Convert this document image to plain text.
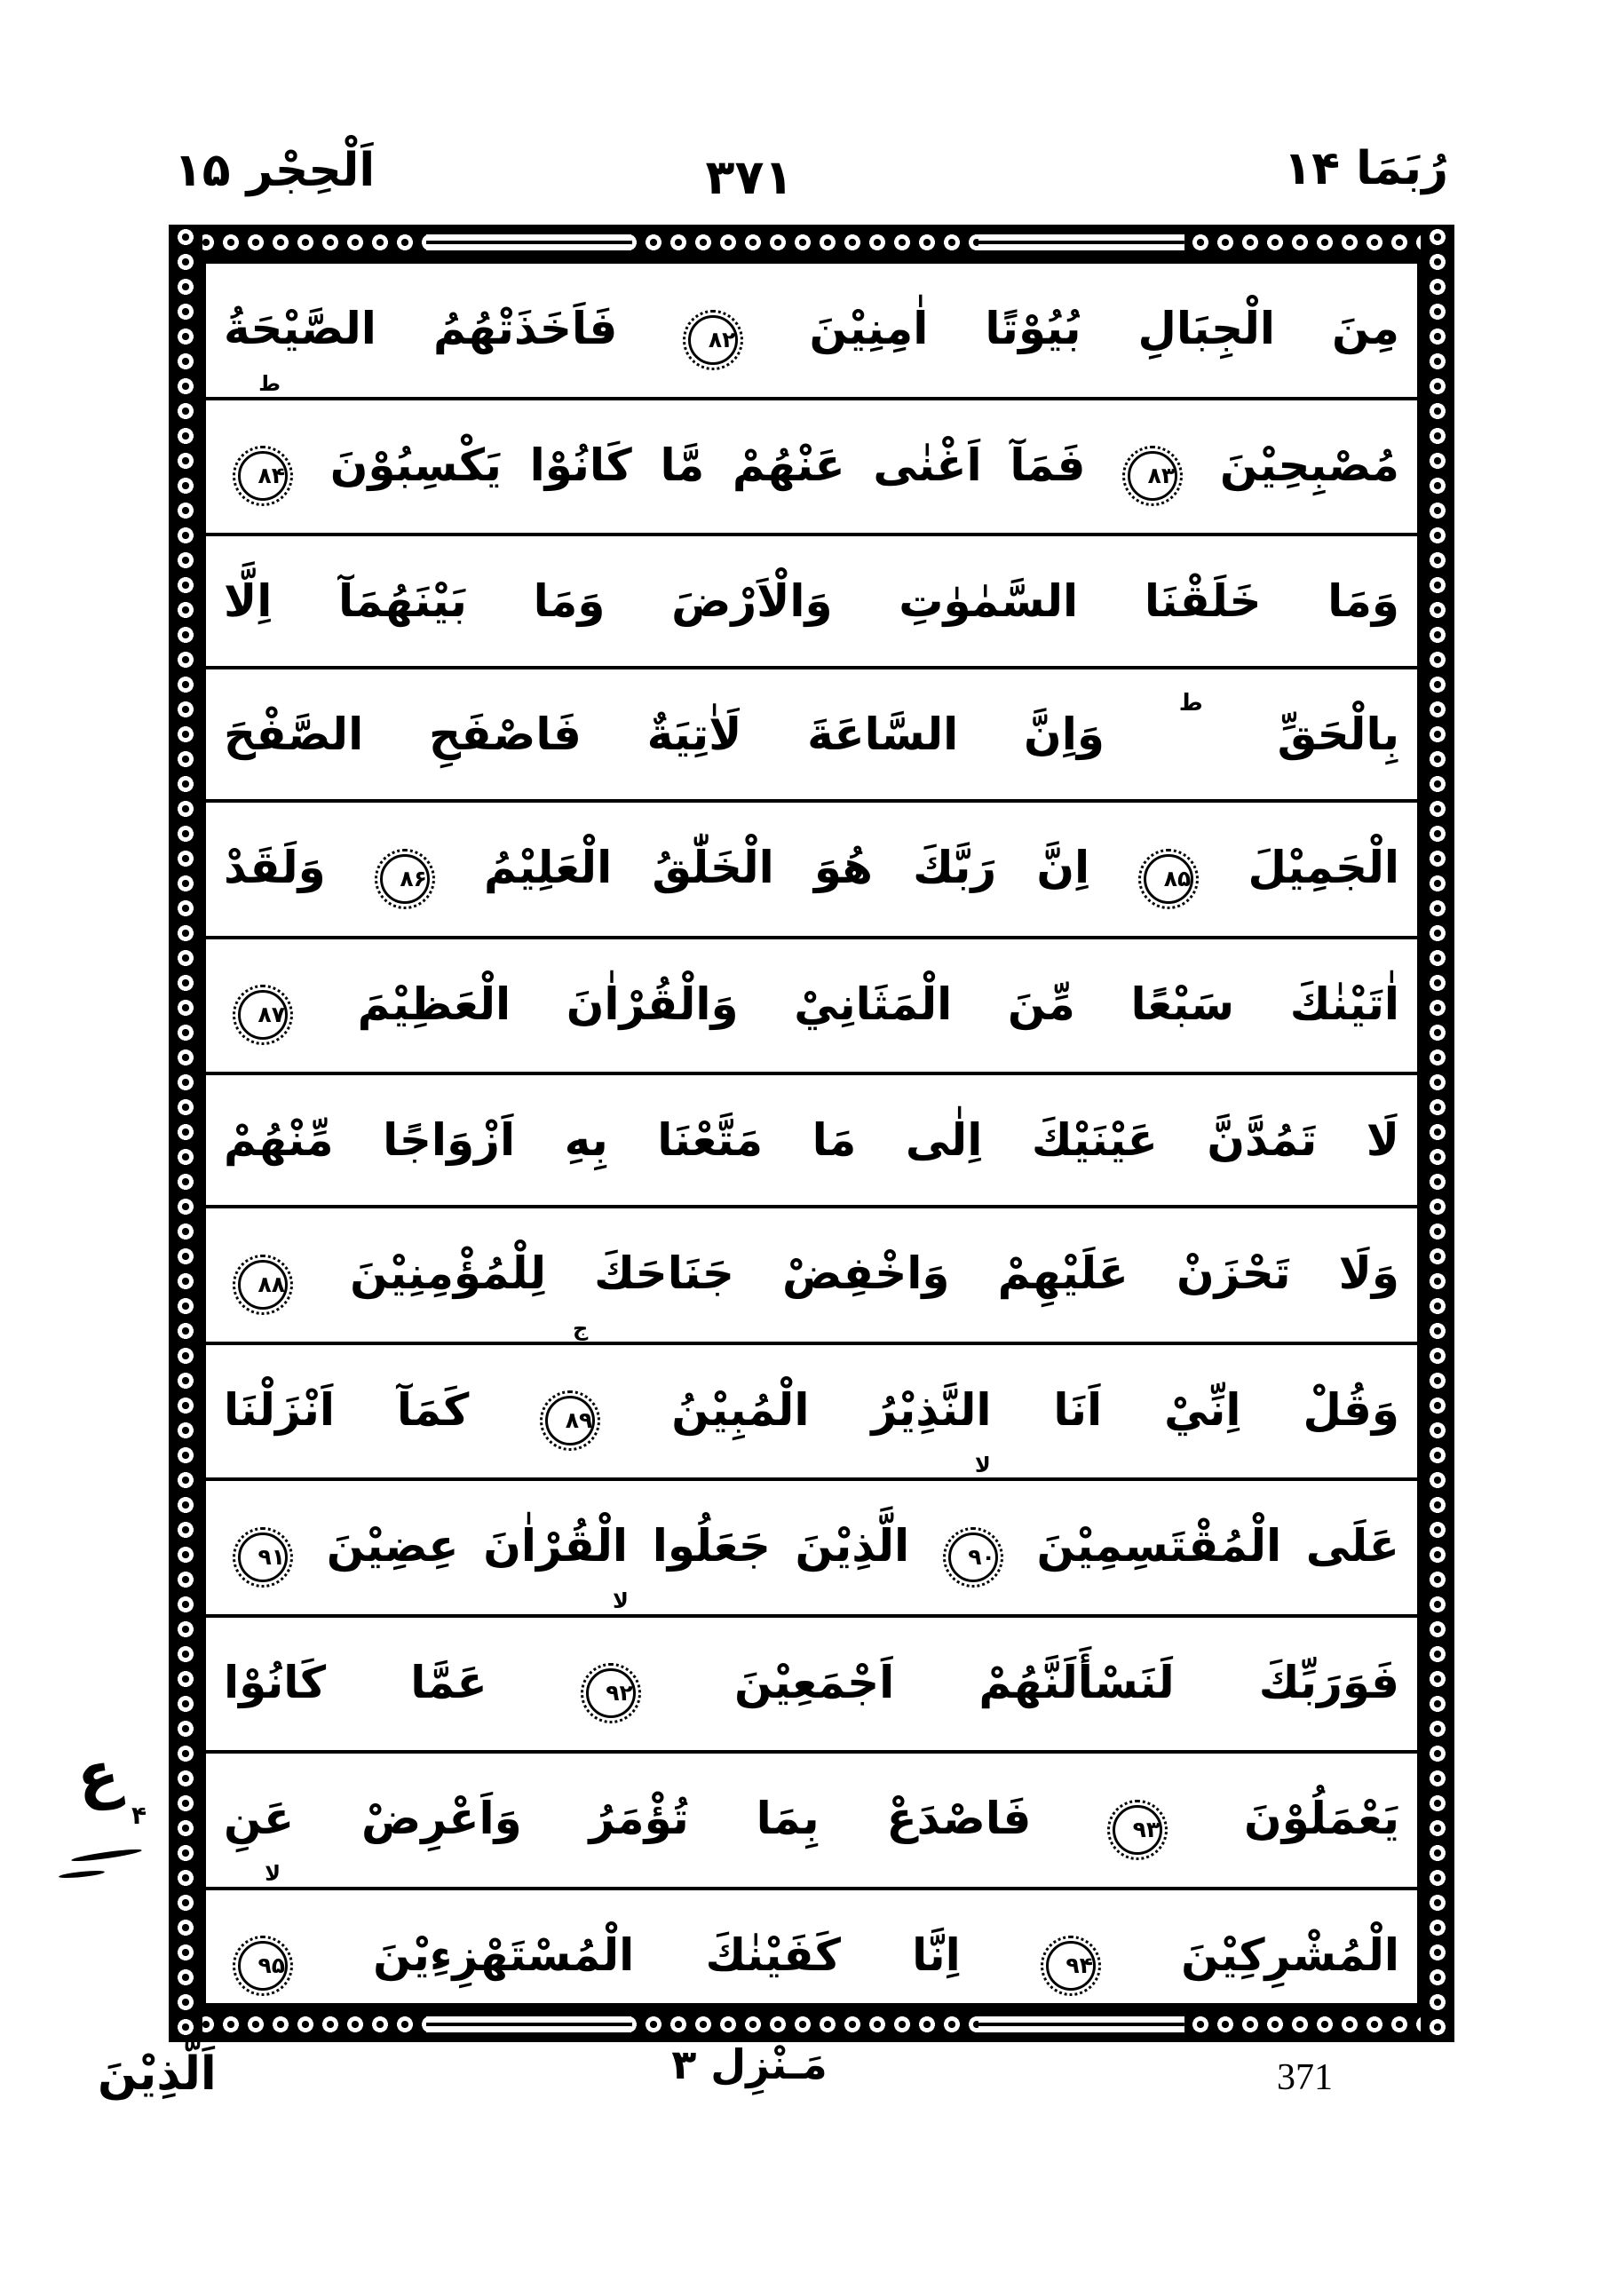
اَلْحِجْر ۱۵	۳۷۱	رُبَمَا ۱۴
مِنَ الْجِبَالِ بُيُوْتًا اٰمِنِيْنَ ۸۲ فَاَخَذَتْهُمُ الصَّيْحَةُ
مُصْبِحِيْنَ ۸۳ فَمَآ اَغْنٰى عَنْهُمْ مَّا كَانُوْا يَكْسِبُوْنَ ۸۴
ط
وَمَا خَلَقْنَا السَّمٰوٰتِ وَالْاَرْضَ وَمَا بَيْنَهُمَآ اِلَّا
بِالْحَقِّ ط وَاِنَّ السَّاعَةَ لَاٰتِيَةٌ فَاصْفَحِ الصَّفْحَ
الْجَمِيْلَ ۸۵ اِنَّ رَبَّكَ هُوَ الْخَلّٰقُ الْعَلِيْمُ ۸۶ وَلَقَدْ
اٰتَيْنٰكَ سَبْعًا مِّنَ الْمَثَانِيْ وَالْقُرْاٰنَ الْعَظِيْمَ ۸۷
لَا تَمُدَّنَّ عَيْنَيْكَ اِلٰى مَا مَتَّعْنَا بِهِ اَزْوَاجًا مِّنْهُمْ
وَلَا تَحْزَنْ عَلَيْهِمْ وَاخْفِضْ جَنَاحَكَ لِلْمُؤْمِنِيْنَ ۸۸
وَقُلْ اِنِّيْ اَنَا النَّذِيْرُ الْمُبِيْنُ ۸۹
ج
كَمَآ اَنْزَلْنَا
عَلَى الْمُقْتَسِمِيْنَ ۹۰
لا
الَّذِيْنَ جَعَلُوا الْقُرْاٰنَ عِضِيْنَ ۹۱
فَوَرَبِّكَ لَنَسْأَلَنَّهُمْ اَجْمَعِيْنَ ۹۲
لا
عَمَّا كَانُوْا
يَعْمَلُوْنَ ۹۳ فَاصْدَعْ بِمَا تُؤْمَرُ وَاَعْرِضْ عَنِ
الْمُشْرِكِيْنَ ۹۴ اِنَّا كَفَيْنٰكَ الْمُسْتَهْزِءِيْنَ ۹۵
لا
ع
۴
اَلَّذِيْنَ	مَـنْزِل ۳	371
